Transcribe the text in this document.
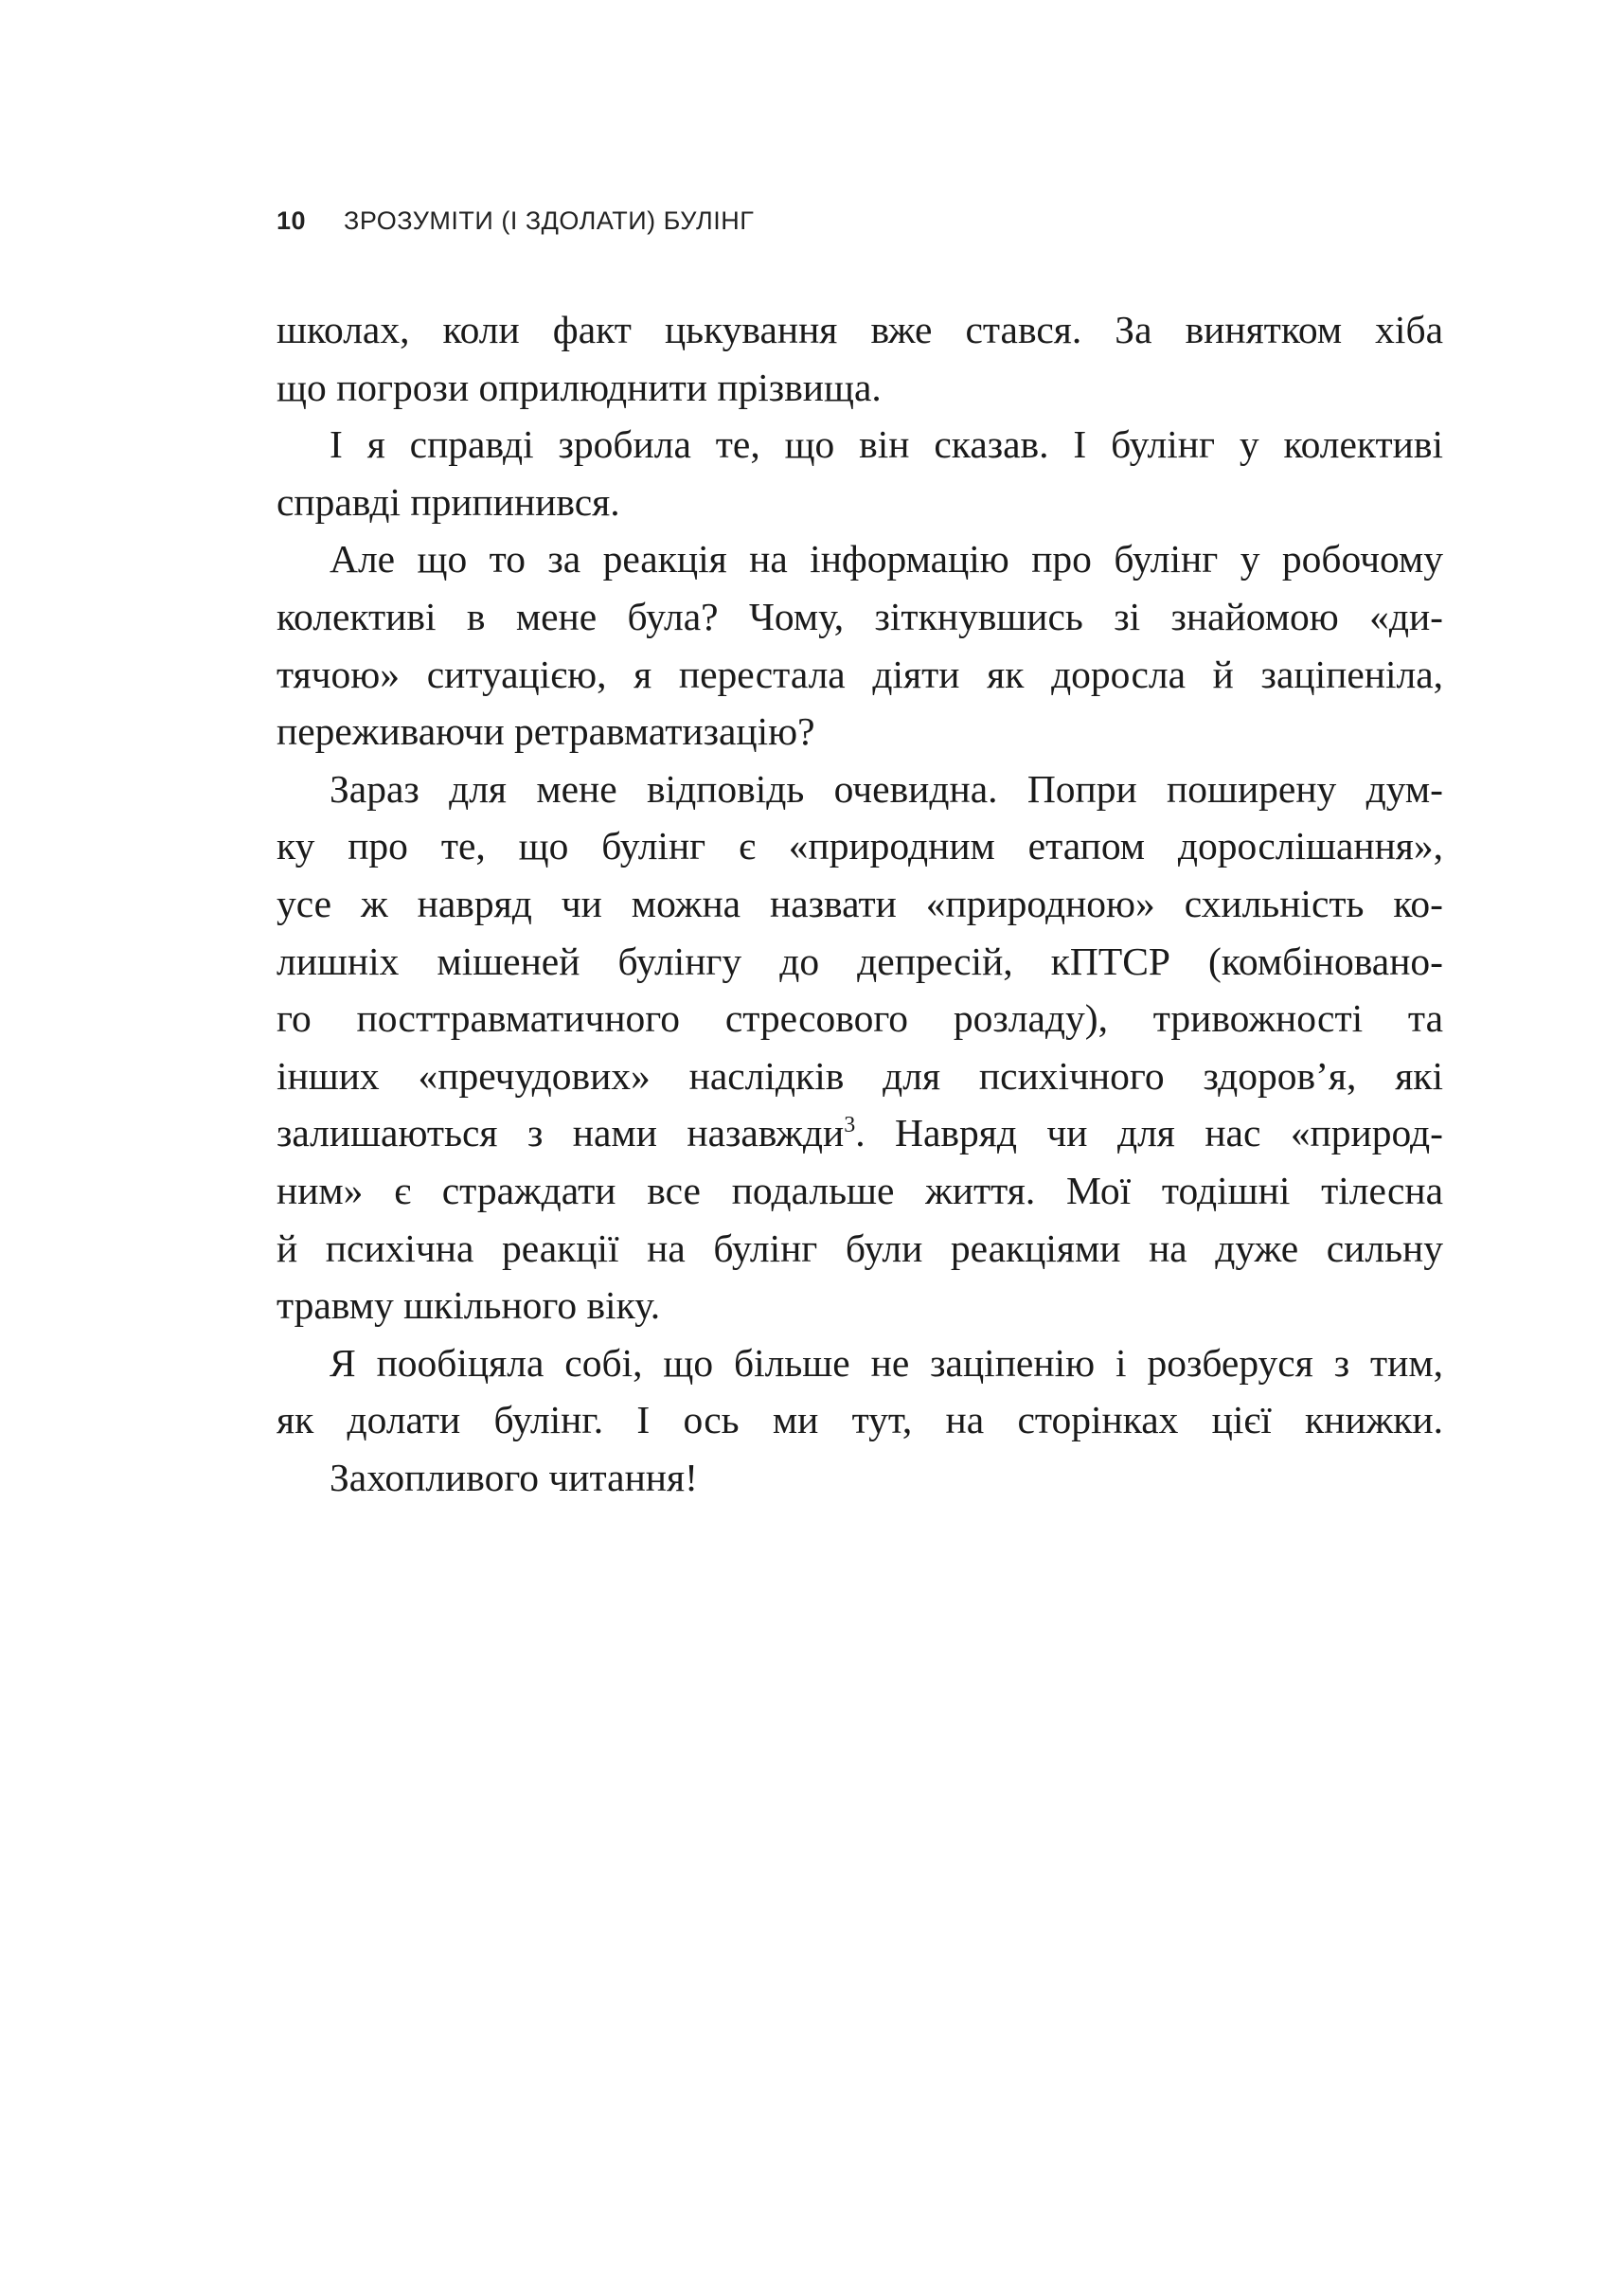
10 ЗРОЗУМІТИ (І ЗДОЛАТИ) БУЛІНГ
школах, коли факт цькування вже стався. За винятком хіба
що погрози оприлюднити прізвища.
І я справді зробила те, що він сказав. І булінг у колективі
справді припинився.
Але що то за реакція на інформацію про булінг у робочому
колективі в мене була? Чому, зіткнувшись зі знайомою «ди-
тячою» ситуацією, я перестала діяти як доросла й заціпеніла,
переживаючи ретравматизацію?
Зараз для мене відповідь очевидна. Попри поширену дум-
ку про те, що булінг є «природним етапом дорослішання»,
усе ж навряд чи можна назвати «природною» схильність ко-
лишніх мішеней булінгу до депресій, кПТСР (комбіновано-
го посттравматичного стресового розладу), тривожності та
інших «пречудових» наслідків для психічного здоров’я, які
залишаються з нами назавжди$^3$. Навряд чи для нас «природ-
ним» є страждати все подальше життя. Мої тодішні тілесна
й психічна реакції на булінг були реакціями на дуже сильну
травму шкільного віку.
Я пообіцяла собі, що більше не заціпенію і розберуся з тим,
як долати булінг. І ось ми тут, на сторінках цієї книжки.
Захопливого читання!
